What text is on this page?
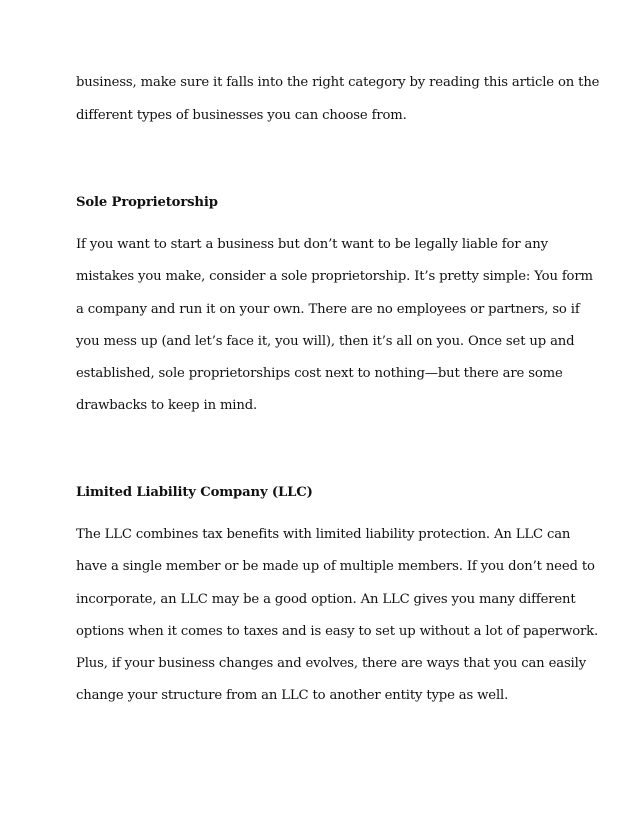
business, make sure it falls into the right category by reading this article on the

different types of businesses you can choose from.

Sole Proprietorship

If you want to start a business but don’t want to be legally liable for any

mistakes you make, consider a sole proprietorship. It’s pretty simple: You form

a company and run it on your own. There are no employees or partners, so if

you mess up (and let’s face it, you will), then it’s all on you. Once set up and

established, sole proprietorships cost next to nothing—but there are some

drawbacks to keep in mind.

Limited Liability Company (LLC)

The LLC combines tax benefits with limited liability protection. An LLC can

have a single member or be made up of multiple members. If you don’t need to

incorporate, an LLC may be a good option. An LLC gives you many different

options when it comes to taxes and is easy to set up without a lot of paperwork.

Plus, if your business changes and evolves, there are ways that you can easily

change your structure from an LLC to another entity type as well.
